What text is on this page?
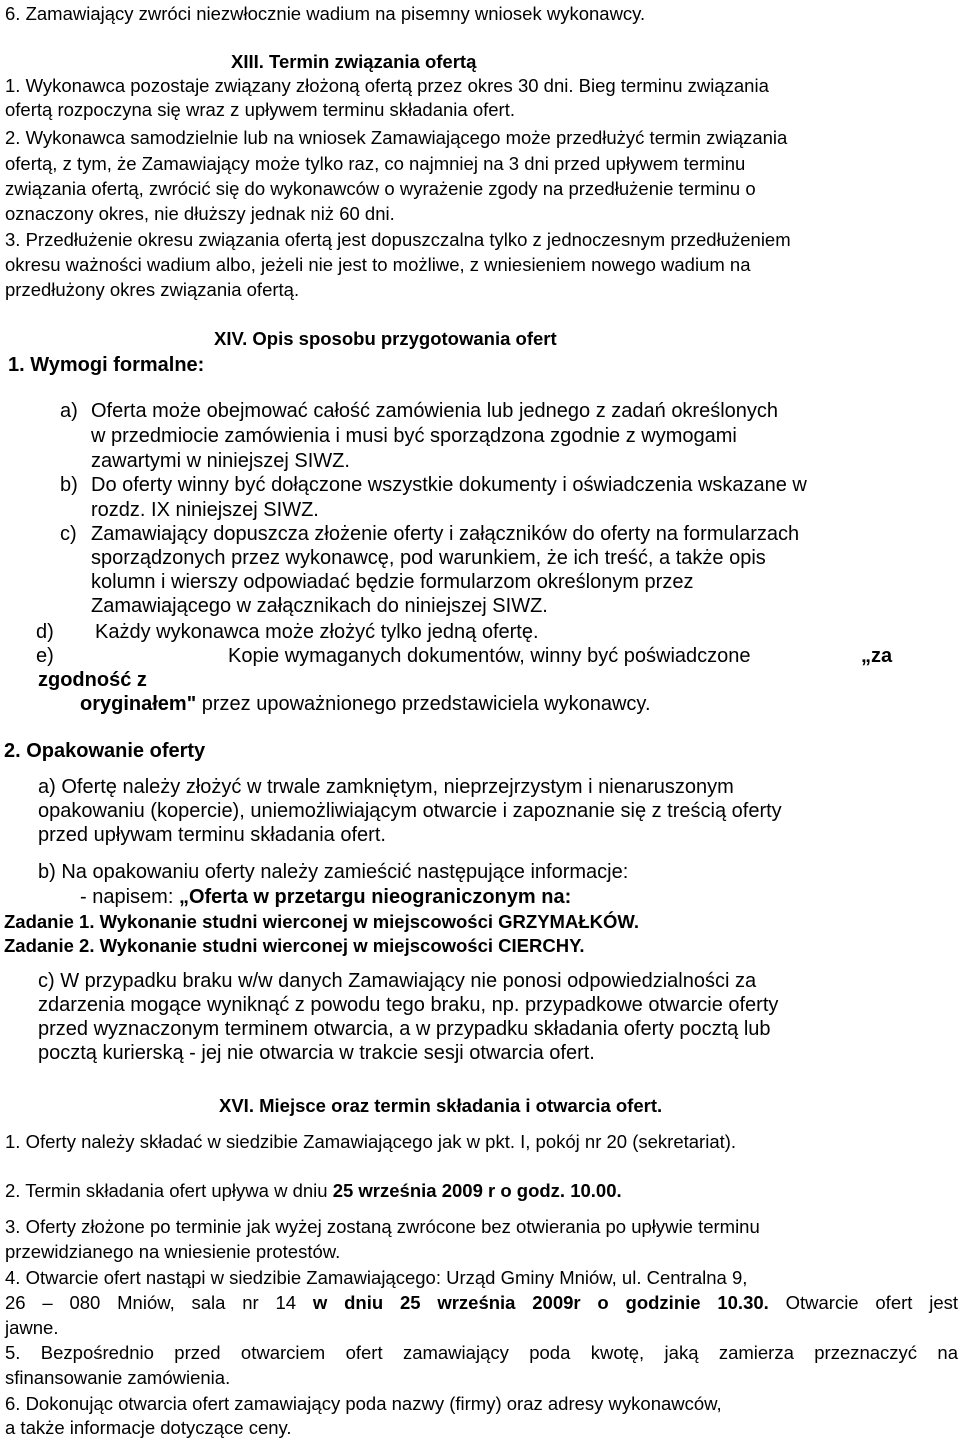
6. Zamawiający zwróci niezwłocznie wadium na pisemny wniosek wykonawcy.
XIII. Termin związania ofertą
1. Wykonawca pozostaje związany złożoną ofertą przez okres 30 dni. Bieg terminu związania
ofertą rozpoczyna się wraz z upływem terminu składania ofert.
2. Wykonawca samodzielnie lub na wniosek Zamawiającego może przedłużyć termin związania
ofertą, z tym, że Zamawiający może tylko raz, co najmniej na 3 dni przed upływem terminu
związania ofertą, zwrócić się do wykonawców o wyrażenie zgody na przedłużenie terminu o
oznaczony okres, nie dłuższy jednak niż 60 dni.
3. Przedłużenie okresu związania ofertą jest dopuszczalna tylko z jednoczesnym przedłużeniem
okresu ważności wadium albo, jeżeli nie jest to możliwe, z wniesieniem nowego wadium na
przedłużony okres związania ofertą.
XIV. Opis sposobu przygotowania ofert
1. Wymogi formalne:
a) Oferta może obejmować całość zamówienia lub jednego z zadań określonych
w przedmiocie zamówienia i musi być sporządzona zgodnie z wymogami
zawartymi w niniejszej SIWZ.
b) Do oferty winny być dołączone wszystkie dokumenty i oświadczenia wskazane w
rozdz. IX niniejszej SIWZ.
c) Zamawiający dopuszcza złożenie oferty i załączników do oferty na formularzach
sporządzonych przez wykonawcę, pod warunkiem, że ich treść, a także opis
kolumn i wierszy odpowiadać będzie formularzom określonym przez
Zamawiającego w załącznikach do niniejszej SIWZ.
d) Każdy wykonawca może złożyć tylko jedną ofertę.
e)	Kopie wymaganych dokumentów, winny być poświadczone	„za
zgodność z
oryginałem" przez upoważnionego przedstawiciela wykonawcy.
2. Opakowanie oferty
a) Ofertę należy złożyć w trwale zamkniętym, nieprzejrzystym i nienaruszonym
opakowaniu (kopercie), uniemożliwiającym otwarcie i zapoznanie się z treścią oferty
przed upływam terminu składania ofert.
b) Na opakowaniu oferty należy zamieścić następujące informacje:
- napisem: „Oferta w przetargu nieograniczonym na:
Zadanie 1. Wykonanie studni wierconej w miejscowości GRZYMAŁKÓW.
Zadanie 2. Wykonanie studni wierconej w miejscowości CIERCHY.
c) W przypadku braku w/w danych Zamawiający nie ponosi odpowiedzialności za
zdarzenia mogące wyniknąć z powodu tego braku, np. przypadkowe otwarcie oferty
przed wyznaczonym terminem otwarcia, a w przypadku składania oferty pocztą lub
pocztą kurierską - jej nie otwarcia w trakcie sesji otwarcia ofert.
XVI. Miejsce oraz termin składania i otwarcia ofert.
1. Oferty należy składać w siedzibie Zamawiającego jak w pkt. I, pokój nr 20 (sekretariat).
2. Termin składania ofert upływa w dniu 25 września 2009 r o godz. 10.00.
3. Oferty złożone po terminie jak wyżej zostaną zwrócone bez otwierania po upływie terminu
przewidzianego na wniesienie protestów.
4. Otwarcie ofert nastąpi w siedzibie Zamawiającego: Urząd Gminy Mniów, ul. Centralna 9,
26 – 080 Mniów, sala nr 14 w dniu 25 września 2009r o godzinie 10.30. Otwarcie ofert jest
jawne.
5. Bezpośrednio przed otwarciem ofert zamawiający poda kwotę, jaką zamierza przeznaczyć na
sfinansowanie zamówienia.
6. Dokonując otwarcia ofert zamawiający poda nazwy (firmy) oraz adresy wykonawców,
a także informacje dotyczące ceny.
